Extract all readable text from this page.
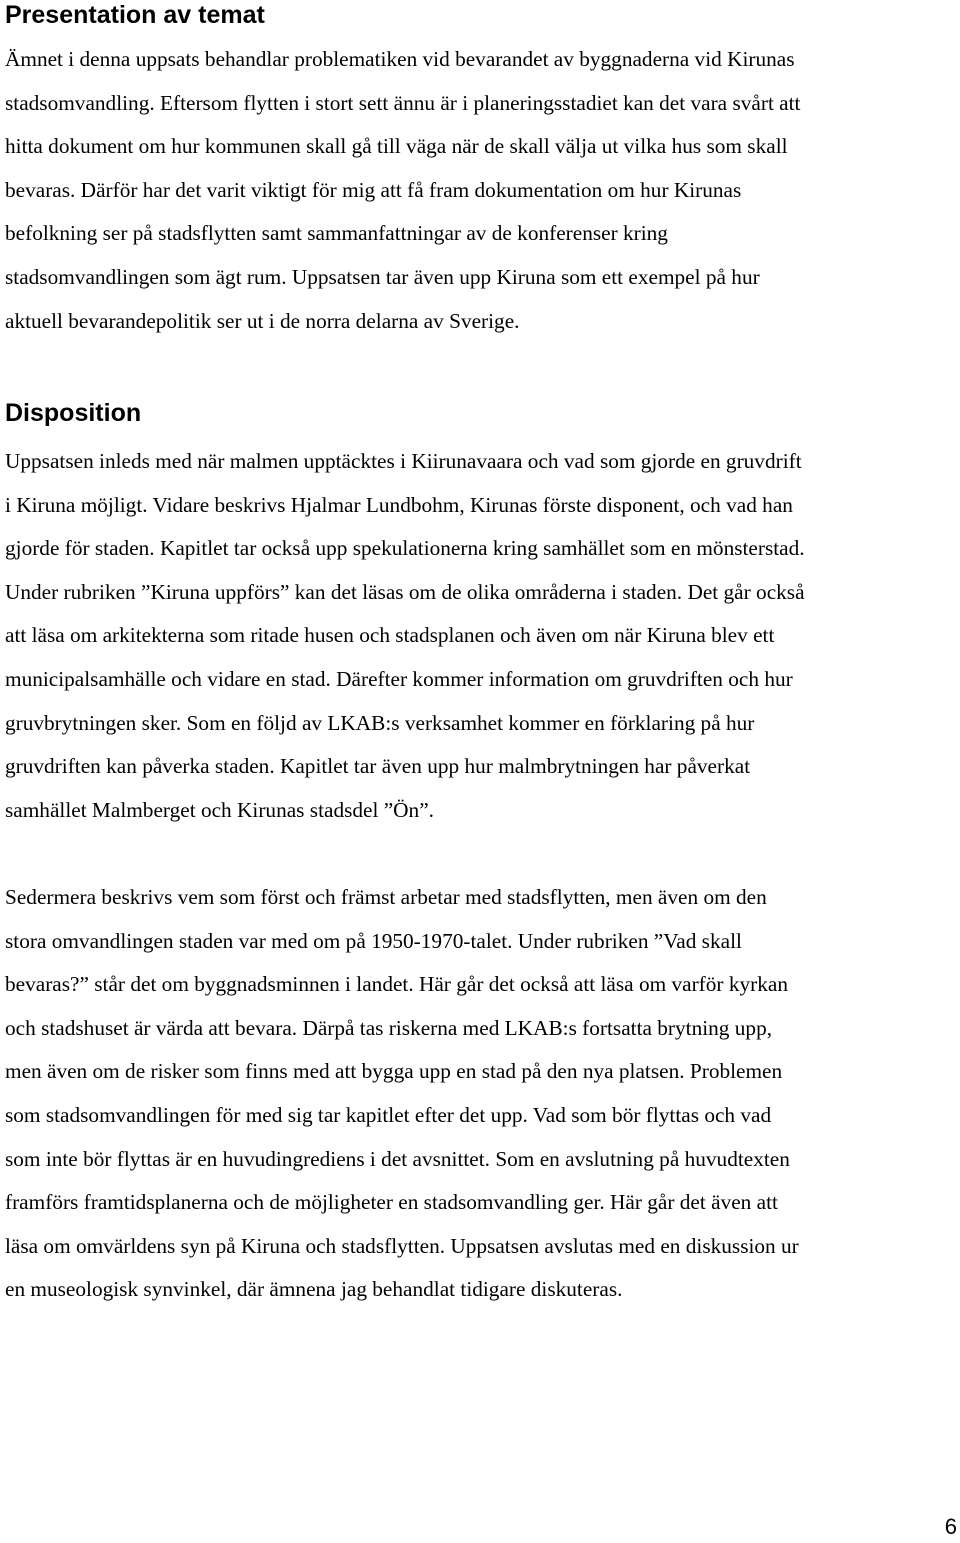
Presentation av temat

Ämnet i denna uppsats behandlar problematiken vid bevarandet av byggnaderna vid Kirunas
stadsomvandling. Eftersom flytten i stort sett ännu är i planeringsstadiet kan det vara svårt att
hitta dokument om hur kommunen skall gå till väga när de skall välja ut vilka hus som skall
bevaras. Därför har det varit viktigt för mig att få fram dokumentation om hur Kirunas
befolkning ser på stadsflytten samt sammanfattningar av de konferenser kring
stadsomvandlingen som ägt rum. Uppsatsen tar även upp Kiruna som ett exempel på hur
aktuell bevarandepolitik ser ut i de norra delarna av Sverige.

Disposition

Uppsatsen inleds med när malmen upptäcktes i Kiirunavaara och vad som gjorde en gruvdrift
i Kiruna möjligt. Vidare beskrivs Hjalmar Lundbohm, Kirunas förste disponent, och vad han
gjorde för staden. Kapitlet tar också upp spekulationerna kring samhället som en mönsterstad.
Under rubriken ”Kiruna uppförs” kan det läsas om de olika områderna i staden. Det går också
att läsa om arkitekterna som ritade husen och stadsplanen och även om när Kiruna blev ett
municipalsamhälle och vidare en stad. Därefter kommer information om gruvdriften och hur
gruvbrytningen sker. Som en följd av LKAB:s verksamhet kommer en förklaring på hur
gruvdriften kan påverka staden. Kapitlet tar även upp hur malmbrytningen har påverkat
samhället Malmberget och Kirunas stadsdel ”Ön”.

Sedermera beskrivs vem som först och främst arbetar med stadsflytten, men även om den
stora omvandlingen staden var med om på 1950-1970-talet. Under rubriken ”Vad skall
bevaras?” står det om byggnadsminnen i landet. Här går det också att läsa om varför kyrkan
och stadshuset är värda att bevara. Därpå tas riskerna med LKAB:s fortsatta brytning upp,
men även om de risker som finns med att bygga upp en stad på den nya platsen. Problemen
som stadsomvandlingen för med sig tar kapitlet efter det upp. Vad som bör flyttas och vad
som inte bör flyttas är en huvudingrediens i det avsnittet. Som en avslutning på huvudtexten
framförs framtidsplanerna och de möjligheter en stadsomvandling ger. Här går det även att
läsa om omvärldens syn på Kiruna och stadsflytten. Uppsatsen avslutas med en diskussion ur
en museologisk synvinkel, där ämnena jag behandlat tidigare diskuteras.

6
